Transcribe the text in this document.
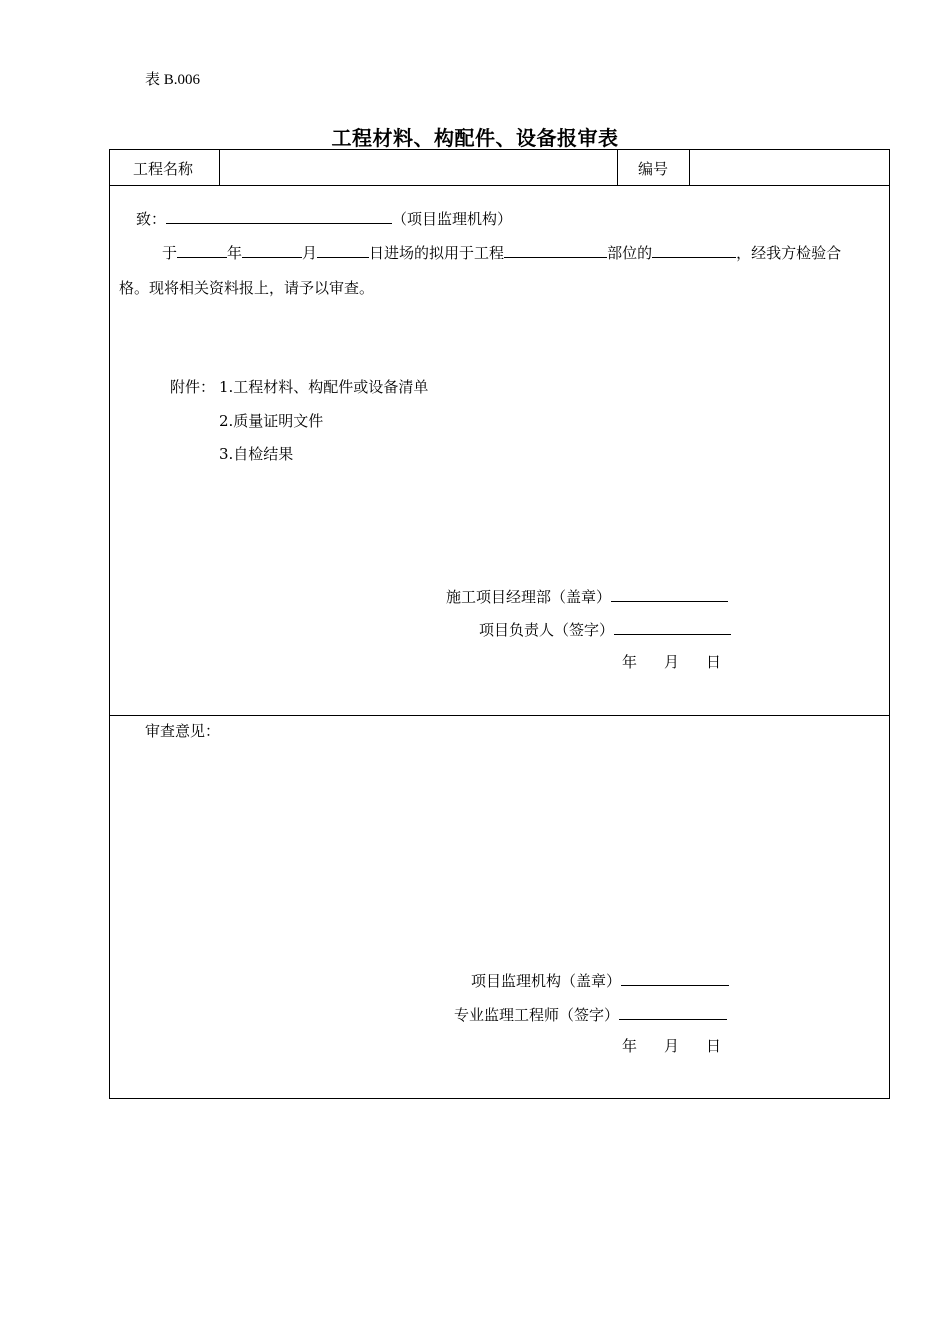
表 B.006
工程材料、构配件、设备报审表
工程名称	编号
致：	（项目监理机构）
于	年	月	日进场的拟用于工程	部位的	，经我方检验合
格。现将相关资料报上，请予以审查。
附件： 1.工程材料、构配件或设备清单
2.质量证明文件
3.自检结果
施工项目经理部（盖章）
项目负责人（签字）
年 月 日
审查意见：
项目监理机构（盖章）
专业监理工程师（签字）
年 月 日
